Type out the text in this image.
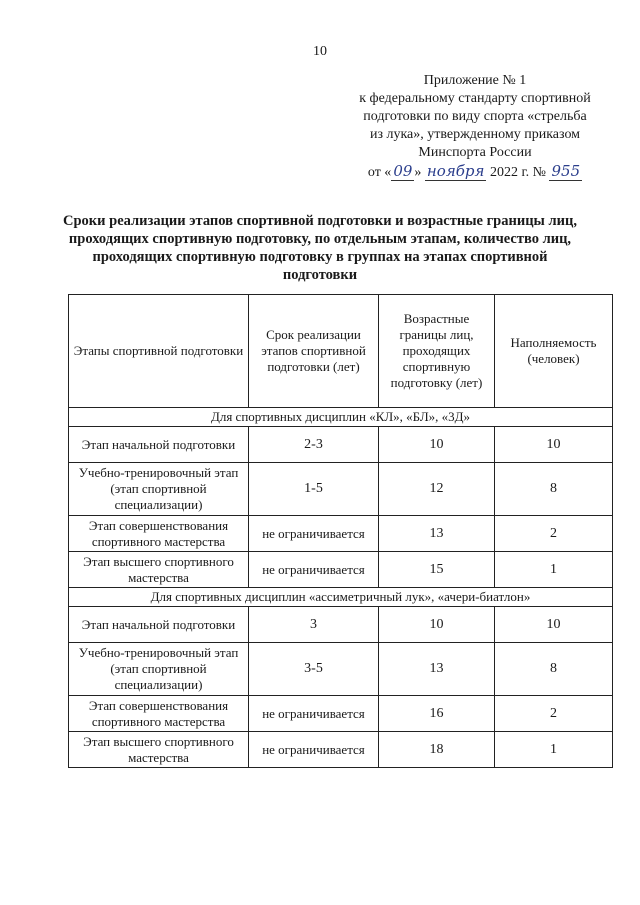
10
Приложение № 1
к федеральному стандарту спортивной
подготовки по виду спорта «стрельба
из лука», утвержденному приказом
Минспорта России
от « 09 » ноября 2022 г. № 955
Сроки реализации этапов спортивной подготовки и возрастные границы лиц, проходящих спортивную подготовку, по отдельным этапам, количество лиц, проходящих спортивную подготовку в группах на этапах спортивной подготовки
Этапы спортивной подготовки	Срок реализации этапов спортивной подготовки (лет)	Возрастные границы лиц, проходящих спортивную подготовку (лет)	Наполняемость (человек)
Для спортивных дисциплин «КЛ», «БЛ», «3Д»			
Этап начальной подготовки	2-3	10	10
Учебно-тренировочный этап (этап спортивной специализации)	1-5	12	8
Этап совершенствования спортивного мастерства	не ограничивается	13	2
Этап высшего спортивного мастерства	не ограничивается	15	1
Для спортивных дисциплин «ассиметричный лук», «ачери-биатлон»			
Этап начальной подготовки	3	10	10
Учебно-тренировочный этап (этап спортивной специализации)	3-5	13	8
Этап совершенствования спортивного мастерства	не ограничивается	16	2
Этап высшего спортивного мастерства	не ограничивается	18	1
